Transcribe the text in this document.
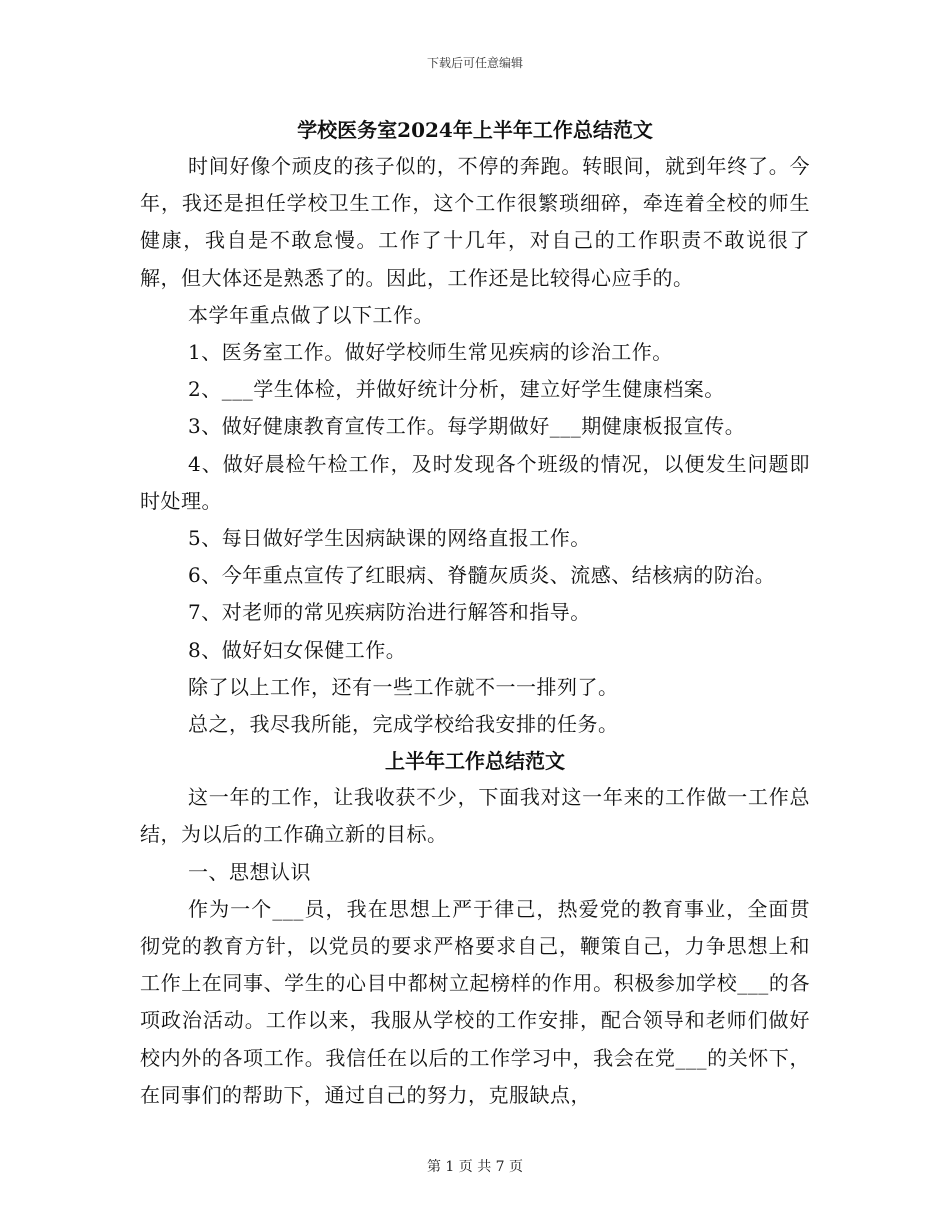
下载后可任意编辑
学校医务室2024年上半年工作总结范文

时间好像个顽皮的孩子似的，不停的奔跑。转眼间，就到年终了。今年，我还是担任学校卫生工作，这个工作很繁琐细碎，牵连着全校的师生健康，我自是不敢怠慢。工作了十几年，对自己的工作职责不敢说很了解，但大体还是熟悉了的。因此，工作还是比较得心应手的。

本学年重点做了以下工作。

1、医务室工作。做好学校师生常见疾病的诊治工作。

2、___学生体检，并做好统计分析，建立好学生健康档案。

3、做好健康教育宣传工作。每学期做好___期健康板报宣传。

4、做好晨检午检工作，及时发现各个班级的情况，以便发生问题即时处理。

5、每日做好学生因病缺课的网络直报工作。

6、今年重点宣传了红眼病、脊髓灰质炎、流感、结核病的防治。

7、对老师的常见疾病防治进行解答和指导。

8、做好妇女保健工作。

除了以上工作，还有一些工作就不一一排列了。

总之，我尽我所能，完成学校给我安排的任务。

上半年工作总结范文

这一年的工作，让我收获不少，下面我对这一年来的工作做一工作总结，为以后的工作确立新的目标。

一、思想认识

作为一个___员，我在思想上严于律己，热爱党的教育事业，全面贯彻党的教育方针，以党员的要求严格要求自己，鞭策自己，力争思想上和工作上在同事、学生的心目中都树立起榜样的作用。积极参加学校___的各项政治活动。工作以来，我服从学校的工作安排，配合领导和老师们做好校内外的各项工作。我信任在以后的工作学习中，我会在党___的关怀下，在同事们的帮助下，通过自己的努力，克服缺点，

第 1 页 共 7 页
